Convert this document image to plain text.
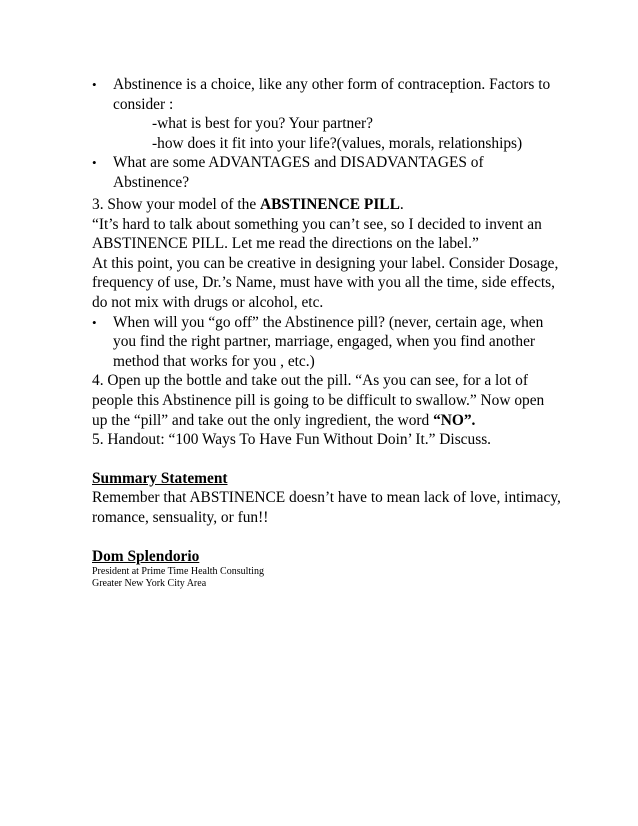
• Abstinence is a choice, like any other form of contraception. Factors to consider :
-what is best for you? Your partner?
-how does it fit into your life?(values, morals, relationships)
• What are some ADVANTAGES and DISADVANTAGES of Abstinence?
3. Show your model of the ABSTINENCE PILL.
“It’s hard to talk about something you can’t see, so I decided to invent an ABSTINENCE PILL. Let me read the directions on the label.”
At this point, you can be creative in designing your label. Consider Dosage, frequency of use, Dr.’s Name, must have with you all the time, side effects, do not mix with drugs or alcohol, etc.
• When will you “go off” the Abstinence pill? (never, certain age, when you find the right partner, marriage, engaged, when you find another method that works for you , etc.)
4. Open up the bottle and take out the pill. “As you can see, for a lot of people this Abstinence pill is going to be difficult to swallow.” Now open up the “pill” and take out the only ingredient, the word “NO”.
5. Handout: “100 Ways To Have Fun Without Doin’ It.” Discuss.
Summary Statement
Remember that ABSTINENCE doesn’t have to mean lack of love, intimacy, romance, sensuality, or fun!!
Dom Splendorio
President at Prime Time Health Consulting
Greater New York City Area
